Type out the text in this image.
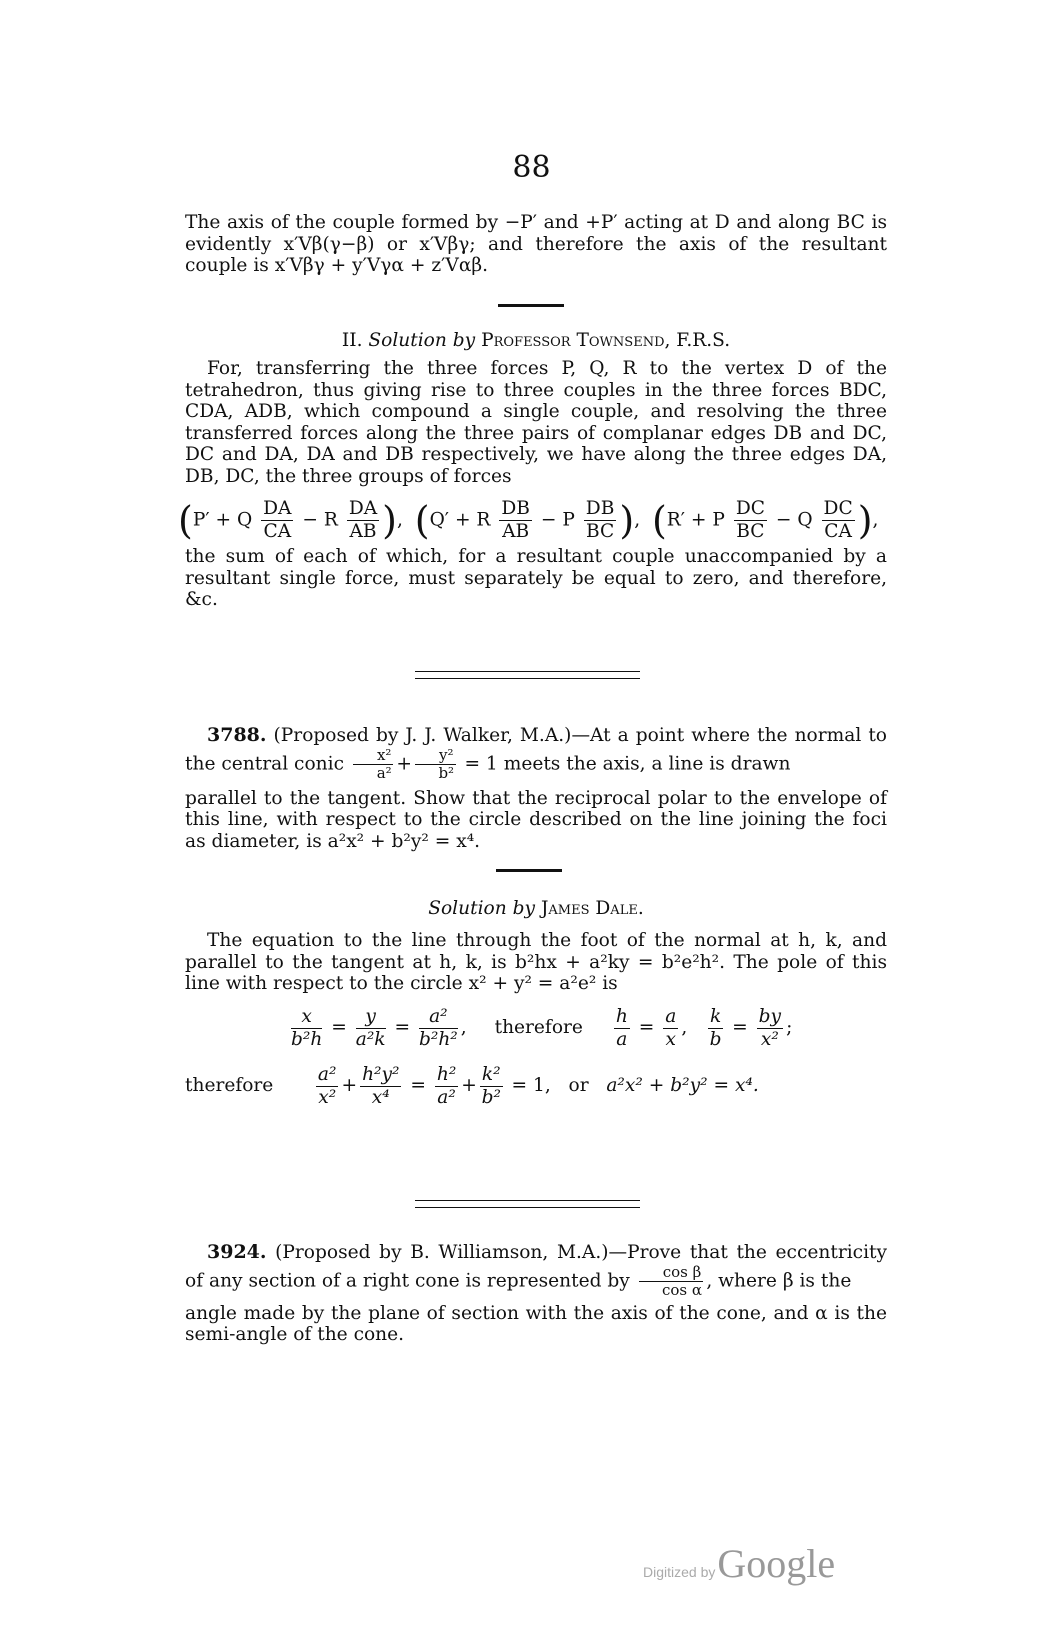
88

The axis of the couple formed by −P′ and +P′ acting at D and along BC is evidently x′Vβ(γ−β) or x′Vβγ; and therefore the axis of the resultant couple is x′Vβγ + y′Vγα + z′Vαβ.

II. Solution by Professor Townsend, F.R.S.

For, transferring the three forces P, Q, R to the vertex D of the tetrahedron, thus giving rise to three couples in the three forces BDC, CDA, ADB, which compound a single couple, and resolving the three transferred forces along the three pairs of complanar edges DB and DC, DC and DA, DA and DB respectively, we have along the three edges DA, DB, DC, the three groups of forces

(P′ + Q $\frac{DA}{CA} - R \frac{DA}{AB}$ ),  (Q′ + R $\frac{DB}{AB} - P \frac{DB}{BC}$ ),  (R′ + P $\frac{DC}{BC} - Q \frac{DC}{CA}$ ),

the sum of each of which, for a resultant couple unaccompanied by a resultant single force, must separately be equal to zero, and therefore, &c.

3788. (Proposed by J. J. Walker, M.A.)—At a point where the normal to the central conic $\frac{\text{x²}}{\text{a²}} + \frac{\text{y²}}{\text{b²}} = 1$ meets the axis, a line is drawn
parallel to the tangent. Show that the reciprocal polar to the envelope of this line, with respect to the circle described on the line joining the foci as diameter, is a²x² + b²y² = x⁴.
Solution by James Dale.

The equation to the line through the foot of the normal at h, k, and parallel to the tangent at h, k, is b²hx + a²ky = b²e²h². The pole of this line with respect to the circle x² + y² = a²e² is

$\frac{x}{\text{b²h}} = \frac{y}{\text{a²k}} = \frac{\text{a²}}{\text{b²h²}}$ , therefore $\frac{h}{a} = \frac{a}{x}$ , $\frac{k}{b} = \frac{by}{\text{x²}}$ ;
therefore $\frac{\text{a²}}{\text{x²}} + \frac{\text{h²y²}}{\text{x⁴}} = \frac{\text{h²}}{\text{a²}} + \frac{\text{k²}}{\text{b²}} = 1$, or a²x² + b²y² = x⁴.
3924. (Proposed by B. Williamson, M.A.)—Prove that the eccentricity of any section of a right cone is represented by $\frac{\text{cos β}}{\text{cos α}}$ , where β is the
angle made by the plane of section with the axis of the cone, and α is the semi-angle of the cone.
Digitized byGoogle
